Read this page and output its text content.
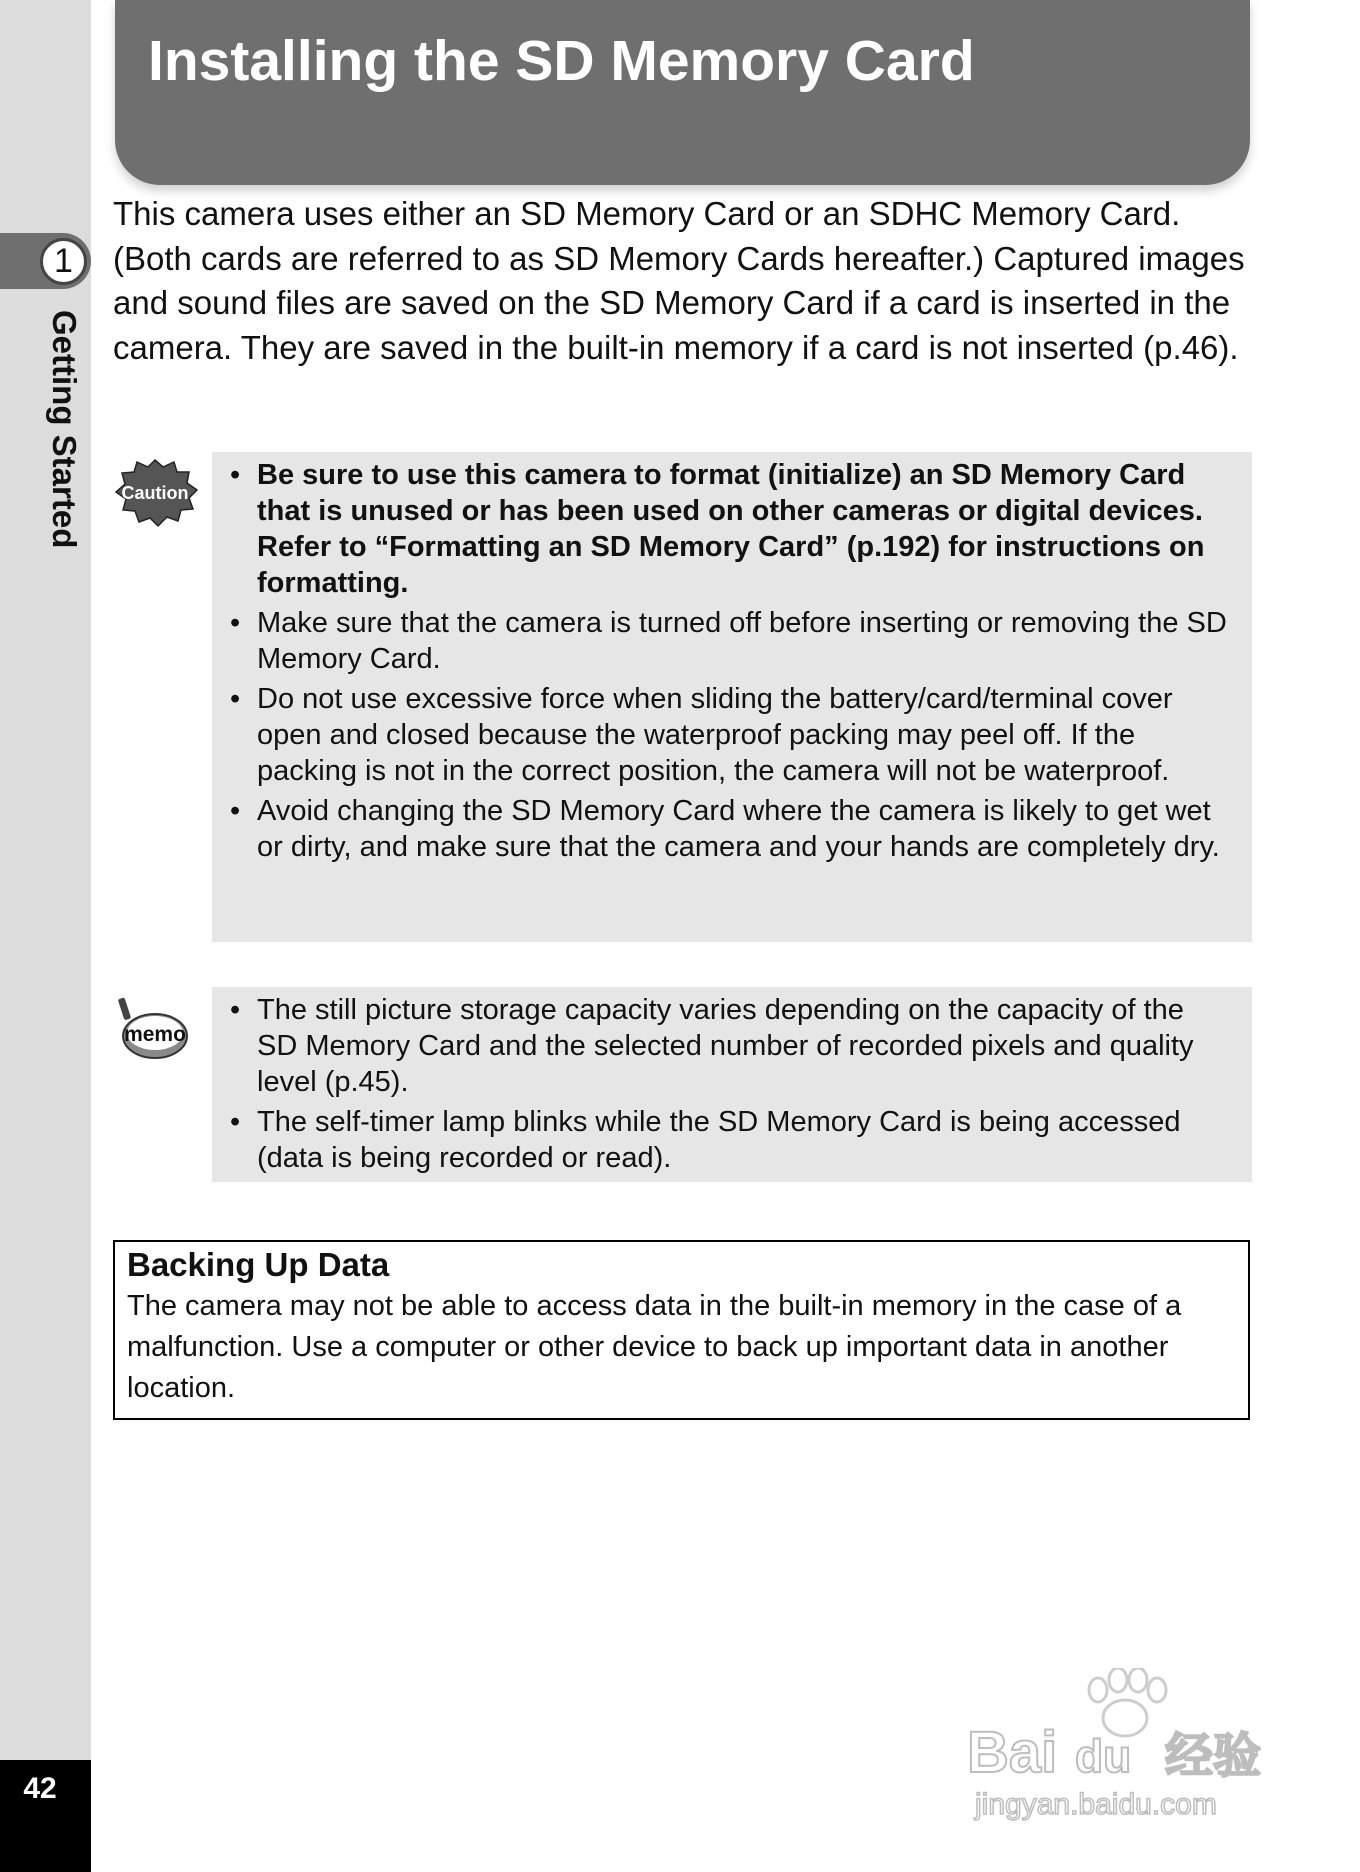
1
Getting Started
42
Installing the SD Memory Card

This camera uses either an SD Memory Card or an SDHC Memory Card. (Both cards are referred to as SD Memory Cards hereafter.) Captured images and sound files are saved on the SD Memory Card if a card is inserted in the camera. They are saved in the built-in memory if a card is not inserted (p.46).

Caution
• Be sure to use this camera to format (initialize) an SD Memory Card that is unused or has been used on other cameras or digital devices. Refer to “Formatting an SD Memory Card” (p.192) for instructions on formatting.
• Make sure that the camera is turned off before inserting or removing the SD Memory Card.
• Do not use excessive force when sliding the battery/card/terminal cover open and closed because the waterproof packing may peel off. If the packing is not in the correct position, the camera will not be waterproof.
• Avoid changing the SD Memory Card where the camera is likely to get wet or dirty, and make sure that the camera and your hands are completely dry.
memo
• The still picture storage capacity varies depending on the capacity of the SD Memory Card and the selected number of recorded pixels and quality level (p.45).
• The self-timer lamp blinks while the SD Memory Card is being accessed (data is being recorded or read).
Backing Up Data

The camera may not be able to access data in the built-in memory in the case of a malfunction. Use a computer or other device to back up important data in another location.

Bai du 经验
jingyan.baidu.com
